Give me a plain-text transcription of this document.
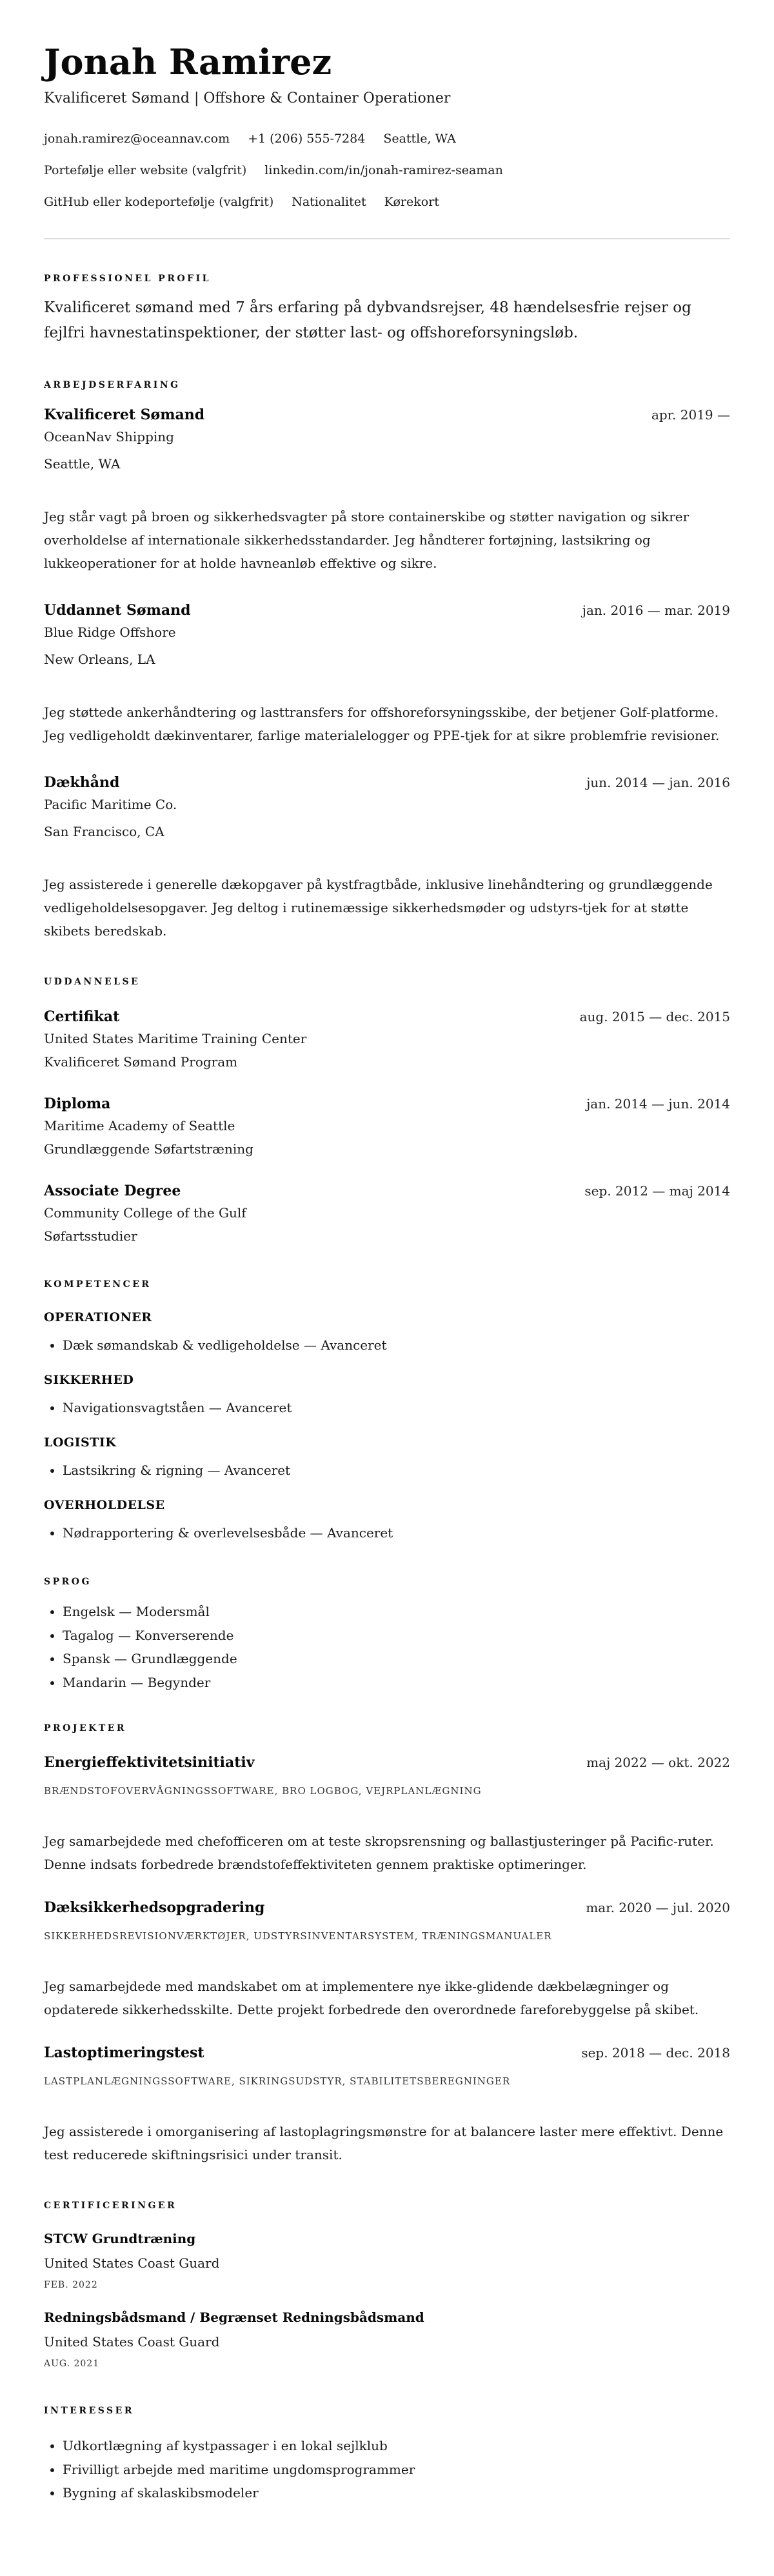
Jonah Ramirez
Kvalificeret Sømand | Offshore & Container Operationer
jonah.ramirez@oceannav.com +1 (206) 555-7284 Seattle, WA
Portefølje eller website (valgfrit) linkedin.com/in/jonah-ramirez-seaman
GitHub eller kodeportefølje (valgfrit) Nationalitet Kørekort
PROFESSIONEL PROFIL
Kvalificeret sømand med 7 års erfaring på dybvandsrejser, 48 hændelsesfrie rejser og fejlfri havnestatinspektioner, der støtter last- og offshoreforsyningsløb.
ARBEJDSERFARING
Kvalificeret Sømand	apr. 2019 —
OceanNav Shipping
Seattle, WA
Jeg står vagt på broen og sikkerhedsvagter på store containerskibe og støtter navigation og sikrer overholdelse af internationale sikkerhedsstandarder. Jeg håndterer fortøjning, lastsikring og lukkeoperationer for at holde havneanløb effektive og sikre.
Uddannet Sømand	jan. 2016 — mar. 2019
Blue Ridge Offshore
New Orleans, LA
Jeg støttede ankerhåndtering og lasttransfers for offshoreforsyningsskibe, der betjener Golf-platforme. Jeg vedligeholdt dækinventarer, farlige materialelogger og PPE-tjek for at sikre problemfrie revisioner.
Dækhånd	jun. 2014 — jan. 2016
Pacific Maritime Co.
San Francisco, CA
Jeg assisterede i generelle dækopgaver på kystfragtbåde, inklusive linehåndtering og grundlæggende vedligeholdelsesopgaver. Jeg deltog i rutinemæssige sikkerhedsmøder og udstyrs-tjek for at støtte skibets beredskab.
UDDANNELSE
Certifikat	aug. 2015 — dec. 2015
United States Maritime Training Center
Kvalificeret Sømand Program
Diploma	jan. 2014 — jun. 2014
Maritime Academy of Seattle
Grundlæggende Søfartstræning
Associate Degree	sep. 2012 — maj 2014
Community College of the Gulf
Søfartsstudier
KOMPETENCER
OPERATIONER
• Dæk sømandskab & vedligeholdelse — Avanceret
SIKKERHED
• Navigationsvagtståen — Avanceret
LOGISTIK
• Lastsikring & rigning — Avanceret
OVERHOLDELSE
• Nødrapportering & overlevelsesbåde — Avanceret
SPROG
• Engelsk — Modersmål
• Tagalog — Konverserende
• Spansk — Grundlæggende
• Mandarin — Begynder
PROJEKTER
Energieffektivitetsinitiativ	maj 2022 — okt. 2022
BRÆNDSTOFOVERVÅGNINGSSOFTWARE, BRO LOGBOG, VEJRPLANLÆGNING
Jeg samarbejdede med chefofficeren om at teste skropsrensning og ballastjusteringer på Pacific-ruter. Denne indsats forbedrede brændstofeffektiviteten gennem praktiske optimeringer.
Dæksikkerhedsopgradering	mar. 2020 — jul. 2020
SIKKERHEDSREVISIONVÆRKTØJER, UDSTYRSINVENTARSYSTEM, TRÆNINGSMANUALER
Jeg samarbejdede med mandskabet om at implementere nye ikke-glidende dækbelægninger og opdaterede sikkerhedsskilte. Dette projekt forbedrede den overordnede fareforebyggelse på skibet.
Lastoptimeringstest	sep. 2018 — dec. 2018
LASTPLANLÆGNINGSSOFTWARE, SIKRINGSUDSTYR, STABILITETSBEREGNINGER
Jeg assisterede i omorganisering af lastoplagringsmønstre for at balancere laster mere effektivt. Denne test reducerede skiftningsrisici under transit.
CERTIFICERINGER
STCW Grundtræning
United States Coast Guard
FEB. 2022
Redningsbådsmand / Begrænset Redningsbådsmand
United States Coast Guard
AUG. 2021
INTERESSER
• Udkortlægning af kystpassager i en lokal sejlklub
• Frivilligt arbejde med maritime ungdomsprogrammer
• Bygning af skalaskibsmodeler
